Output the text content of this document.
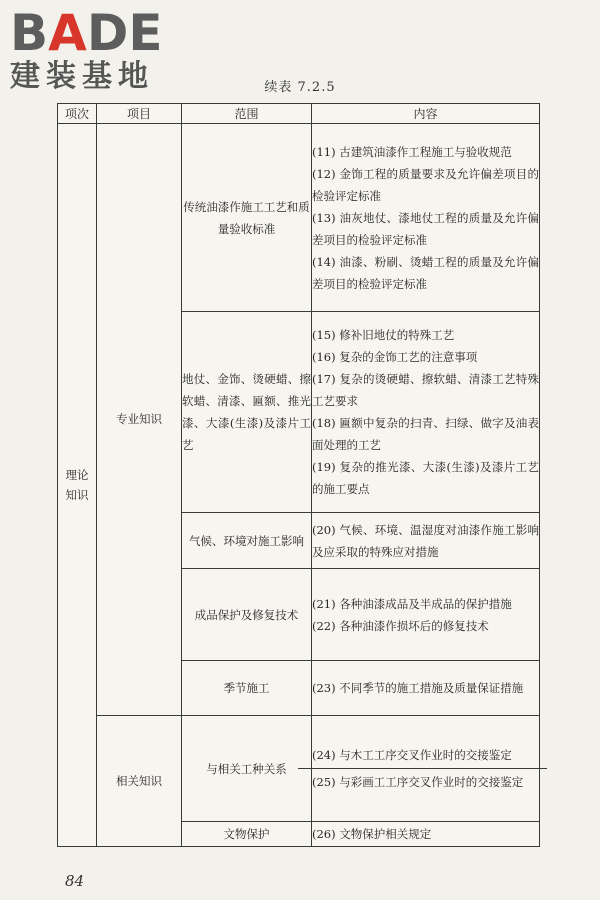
BADE
建装基地	续表 7.2.5
项次	项目	范围	内容

理论知识	专业知识	传统油漆作施工工艺和质量验收标准	(11) 古建筑油漆作工程施工与验收规范
(12) 金饰工程的质量要求及允许偏差项目的检验评定标准
(13) 油灰地仗、漆地仗工程的质量及允许偏差项目的检验评定标准
(14) 油漆、粉刷、烫蜡工程的质量及允许偏差项目的检验评定标准

		地仗、金饰、烫硬蜡、擦软蜡、清漆、匾额、推光漆、大漆(生漆)及漆片工艺	(15) 修补旧地仗的特殊工艺
(16) 复杂的金饰工艺的注意事项
(17) 复杂的烫硬蜡、擦软蜡、清漆工艺特殊工艺要求
(18) 匾额中复杂的扫青、扫绿、做字及油表面处理的工艺
(19) 复杂的推光漆、大漆(生漆)及漆片工艺的施工要点

		气候、环境对施工影响	(20) 气候、环境、温湿度对油漆作施工影响及应采取的特殊应对措施

		成品保护及修复技术	(21) 各种油漆成品及半成品的保护措施
(22) 各种油漆作损坏后的修复技术

		季节施工	(23) 不同季节的施工措施及质量保证措施

	相关知识	与相关工种关系	(24) 与木工工序交叉作业时的交接鉴定
(25) 与彩画工工序交叉作业时的交接鉴定

		文物保护	(26) 文物保护相关规定
84
